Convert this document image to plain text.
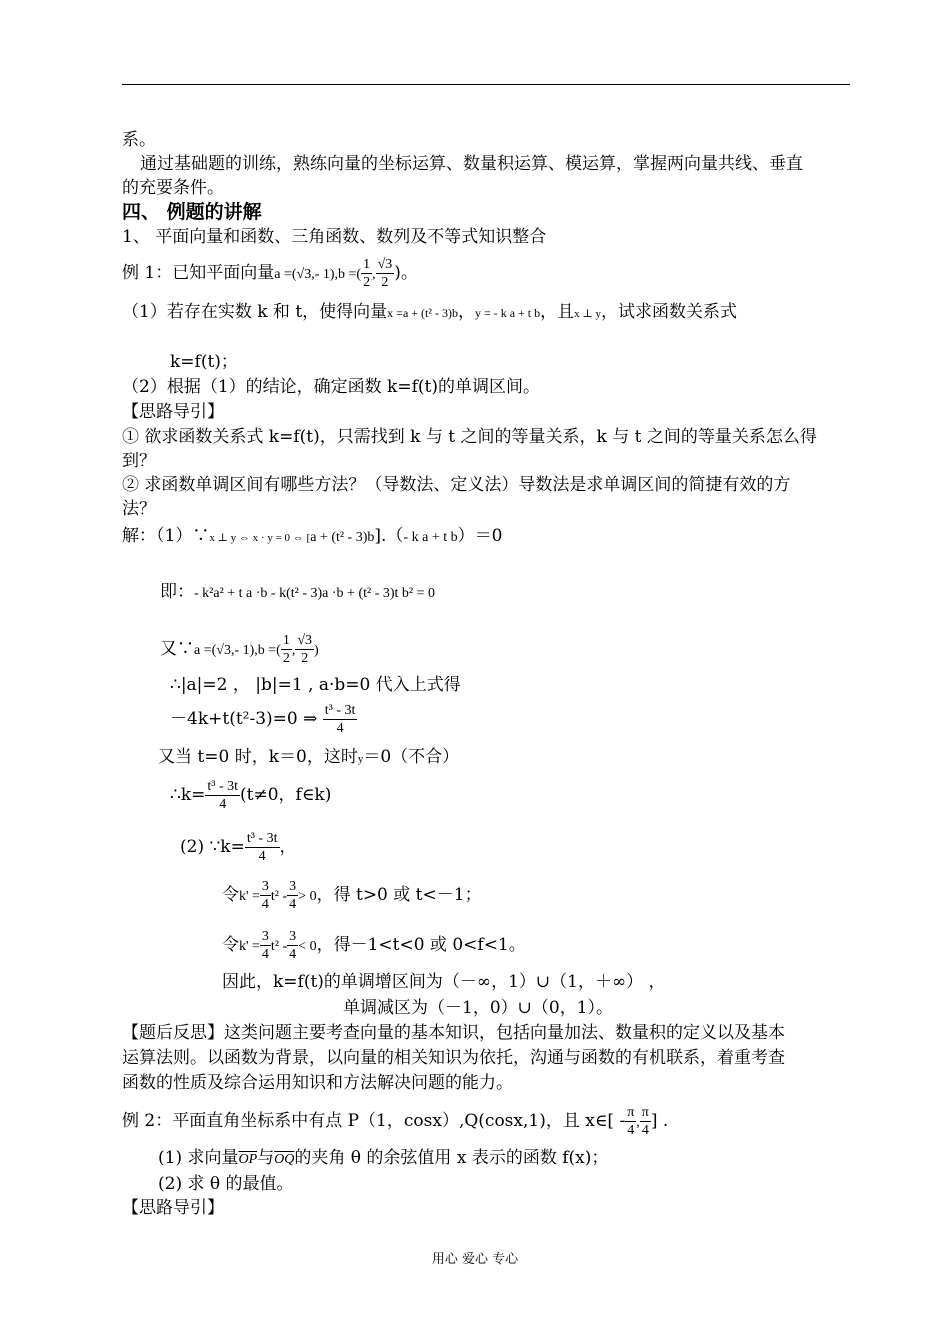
系。
通过基础题的训练，熟练向量的坐标运算、数量积运算、模运算，掌握两向量共线、垂直
的充要条件。
四、 例题的讲解
1、 平面向量和函数、三角函数、数列及不等式知识整合
例 1：已知平面向量a =(√3,- 1),b =( $\frac{1}{2}$ , $\frac{√3}{2}$ )。
（1）若存在实数 k 和 t，使得向量x =a + (t² - 3)b，y = - k a + t b，且x ⊥ y，试求函数关系式
k=f(t)；
（2）根据（1）的结论，确定函数 k=f(t)的单调区间。
【思路导引】
① 欲求函数关系式 k=f(t)，只需找到 k 与 t 之间的等量关系，k 与 t 之间的等量关系怎么得
到？
② 求函数单调区间有哪些方法？（导数法、定义法）导数法是求单调区间的简捷有效的方
法？
解：（1）∵x ⊥ y ⇔ x · y = 0 ⇔ [a + (t² - 3)b].（- k a + t b）＝0
即：- k²a² + t a ·b - k(t² - 3)a ·b + (t² - 3)t b² = 0
又∵a =(√3,- 1),b =( $\frac{1}{2}$ , $\frac{√3}{2}$ )
∴|a|=2 ， |b|=1 , a·b=0 代入上式得
－4k+t(t²-3)=0 ⇒ $\frac{\text{t³ - 3t}}{4}$
又当 t=0 时，k＝0，这时y＝0（不合）
∴k= $\frac{\text{t³ - 3t}}{4} (t\ne 0$，f∈k)
(2) ∵k= $\frac{\text{t³ - 3t}}{4}$ ，
令$k' = \frac{3}{4} t^2 - \frac{3}{4} > 0$，得 t>0 或 t<－1；
令$k' = \frac{3}{4} t^2 - \frac{3}{4} < 0$，得－1<t<0 或 0<f<1。
因此，k=f(t)的单调增区间为（－∞，1）∪（1，＋∞） ，
单调减区为（－1，0）∪（0，1）。
【题后反思】这类问题主要考查向量的基本知识，包括向量加法、数量积的定义以及基本
运算法则。以函数为背景，以向量的相关知识为依托，沟通与函数的有机联系，着重考查
函数的性质及综合运用知识和方法解决问题的能力。
例 2：平面直角坐标系中有点 P（1，cosx）,Q(cosx,1)，且 x∈[ - $\frac{\pi}{4}$ , $\frac{\pi}{4}$ ] .
(1) 求向量$\overline{OP}$与$\overline{OQ}$的夹角 θ 的余弦值用 x 表示的函数 f(x)；
(2) 求 θ 的最值。
【思路导引】
用心 爱心 专心
